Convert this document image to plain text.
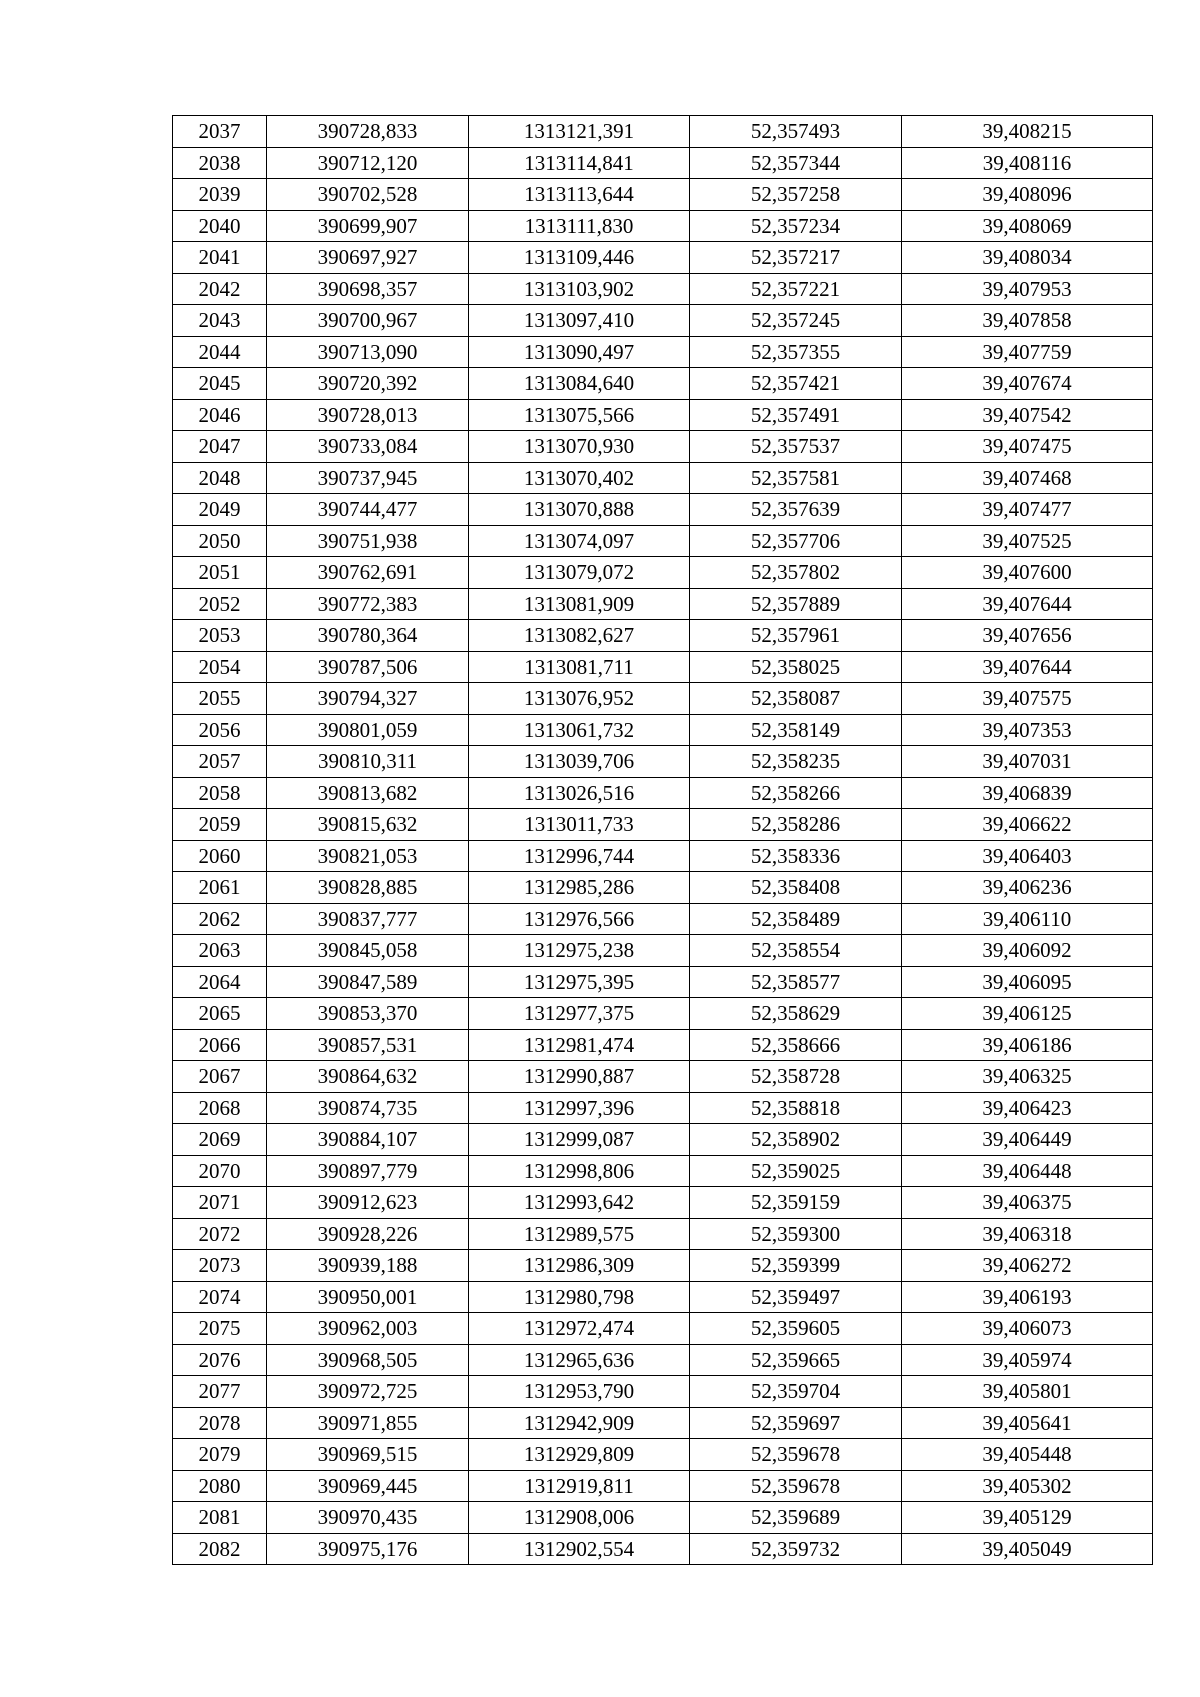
2037	390728,833	1313121,391	52,357493	39,408215
2038	390712,120	1313114,841	52,357344	39,408116
2039	390702,528	1313113,644	52,357258	39,408096
2040	390699,907	1313111,830	52,357234	39,408069
2041	390697,927	1313109,446	52,357217	39,408034
2042	390698,357	1313103,902	52,357221	39,407953
2043	390700,967	1313097,410	52,357245	39,407858
2044	390713,090	1313090,497	52,357355	39,407759
2045	390720,392	1313084,640	52,357421	39,407674
2046	390728,013	1313075,566	52,357491	39,407542
2047	390733,084	1313070,930	52,357537	39,407475
2048	390737,945	1313070,402	52,357581	39,407468
2049	390744,477	1313070,888	52,357639	39,407477
2050	390751,938	1313074,097	52,357706	39,407525
2051	390762,691	1313079,072	52,357802	39,407600
2052	390772,383	1313081,909	52,357889	39,407644
2053	390780,364	1313082,627	52,357961	39,407656
2054	390787,506	1313081,711	52,358025	39,407644
2055	390794,327	1313076,952	52,358087	39,407575
2056	390801,059	1313061,732	52,358149	39,407353
2057	390810,311	1313039,706	52,358235	39,407031
2058	390813,682	1313026,516	52,358266	39,406839
2059	390815,632	1313011,733	52,358286	39,406622
2060	390821,053	1312996,744	52,358336	39,406403
2061	390828,885	1312985,286	52,358408	39,406236
2062	390837,777	1312976,566	52,358489	39,406110
2063	390845,058	1312975,238	52,358554	39,406092
2064	390847,589	1312975,395	52,358577	39,406095
2065	390853,370	1312977,375	52,358629	39,406125
2066	390857,531	1312981,474	52,358666	39,406186
2067	390864,632	1312990,887	52,358728	39,406325
2068	390874,735	1312997,396	52,358818	39,406423
2069	390884,107	1312999,087	52,358902	39,406449
2070	390897,779	1312998,806	52,359025	39,406448
2071	390912,623	1312993,642	52,359159	39,406375
2072	390928,226	1312989,575	52,359300	39,406318
2073	390939,188	1312986,309	52,359399	39,406272
2074	390950,001	1312980,798	52,359497	39,406193
2075	390962,003	1312972,474	52,359605	39,406073
2076	390968,505	1312965,636	52,359665	39,405974
2077	390972,725	1312953,790	52,359704	39,405801
2078	390971,855	1312942,909	52,359697	39,405641
2079	390969,515	1312929,809	52,359678	39,405448
2080	390969,445	1312919,811	52,359678	39,405302
2081	390970,435	1312908,006	52,359689	39,405129
2082	390975,176	1312902,554	52,359732	39,405049
